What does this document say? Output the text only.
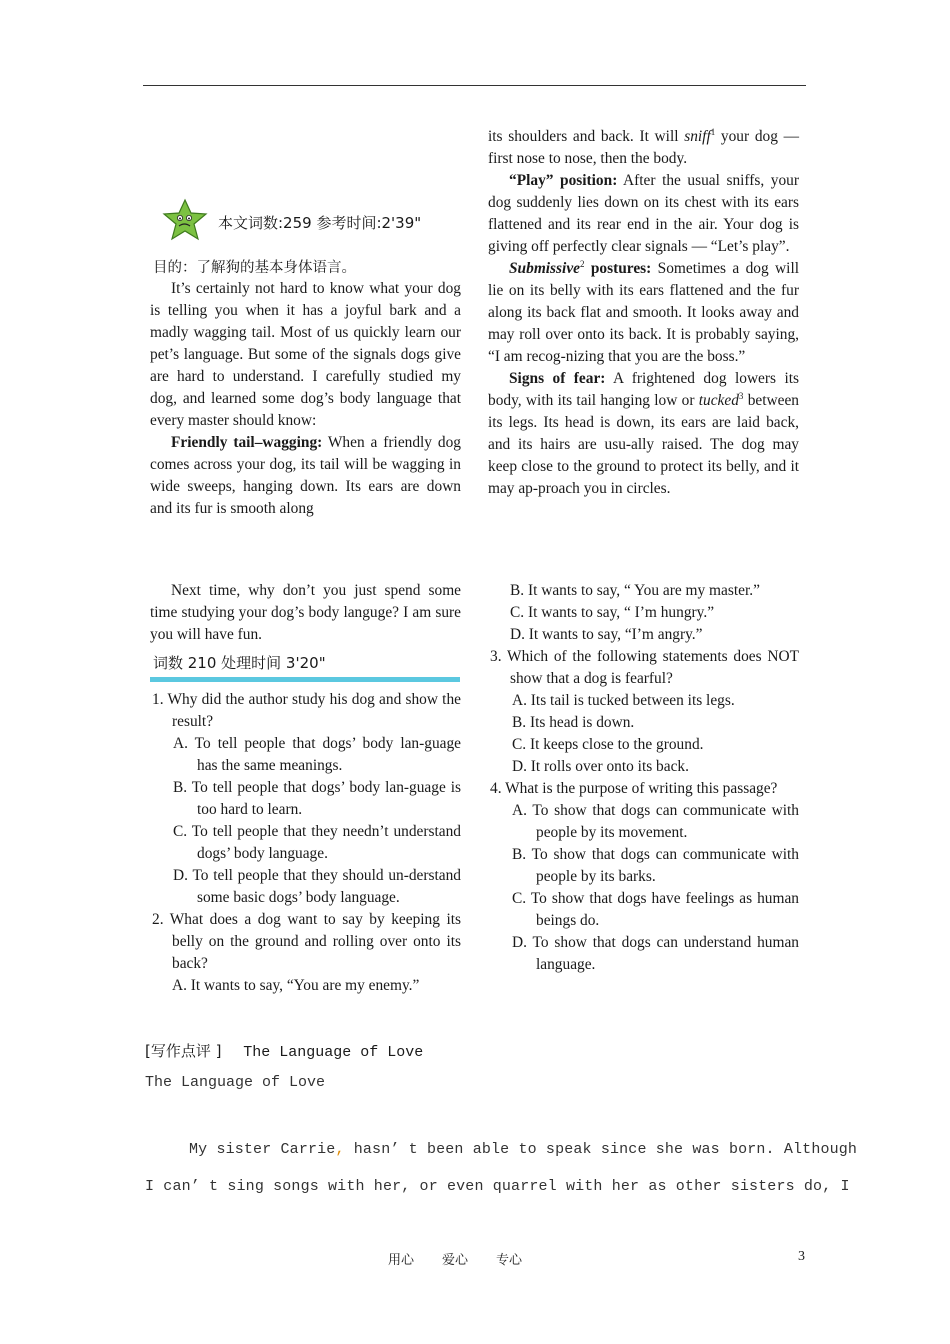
本文词数:259 参考时间:2'39"
目的：了解狗的基本身体语言。

It’s certainly not hard to know what your dog is telling you when it has a joyful bark and a madly wagging tail. Most of us quickly learn our pet’s language. But some of the signals dogs give are hard to understand. I carefully studied my dog, and learned some dog’s body language that every master should know:

Friendly tail–wagging: When a friendly dog comes across your dog, its tail will be wagging in wide sweeps, hanging down. Its ears are down and its fur is smooth along

its shoulders and back. It will sniff$^1$ your dog — first nose to nose, then the body.

“Play” position: After the usual sniffs, your dog suddenly lies down on its chest with its ears flattened and its rear end in the air. Your dog is giving off perfectly clear signals — “Let’s play”.

Submissive$^2$ postures: Sometimes a dog will lie on its belly with its ears flattened and the fur along its back flat and smooth. It looks away and may roll over onto its back. It is probably saying, “I am recog-nizing that you are the boss.”

Signs of fear: A frightened dog lowers its body, with its tail hanging low or tucked$^3$ between its legs. Its head is down, its ears are laid back, and its hairs are usu-ally raised. The dog may keep close to the ground to protect its belly, and it may ap-proach you in circles.

Next time, why don’t you just spend some time studying your dog’s body languge? I am sure you will have fun.

词数 210 处理时间 3'20"

1. Why did the author study his dog and show the result?

A. To tell people that dogs’ body lan-guage has the same meanings.

B. To tell people that dogs’ body lan-guage is too hard to learn.

C. To tell people that they needn’t understand dogs’ body language.

D. To tell people that they should un-derstand some basic dogs’ body language.

2. What does a dog want to say by keeping its belly on the ground and rolling over onto its back?

A. It wants to say, “You are my enemy.”

B. It wants to say, “ You are my master.”

C. It wants to say, “ I’m hungry.”

D. It wants to say, “I’m angry.”

3. Which of the following statements does NOT show that a dog is fearful?

A. Its tail is tucked between its legs.

B. Its head is down.

C. It keeps close to the ground.

D. It rolls over onto its back.

4. What is the purpose of writing this passage?

A. To show that dogs can communicate with people by its movement.

B. To show that dogs can communicate with people by its barks.

C. To show that dogs have feelings as human beings do.

D. To show that dogs can understand human language.

[写作点评 ] The Language of Love
The Language of Love
My sister Carrie, hasn’ t been able to speak since she was born. Although
I can’ t sing songs with her, or even quarrel with her as other sisters do, I
用心 爱心 专心	3
